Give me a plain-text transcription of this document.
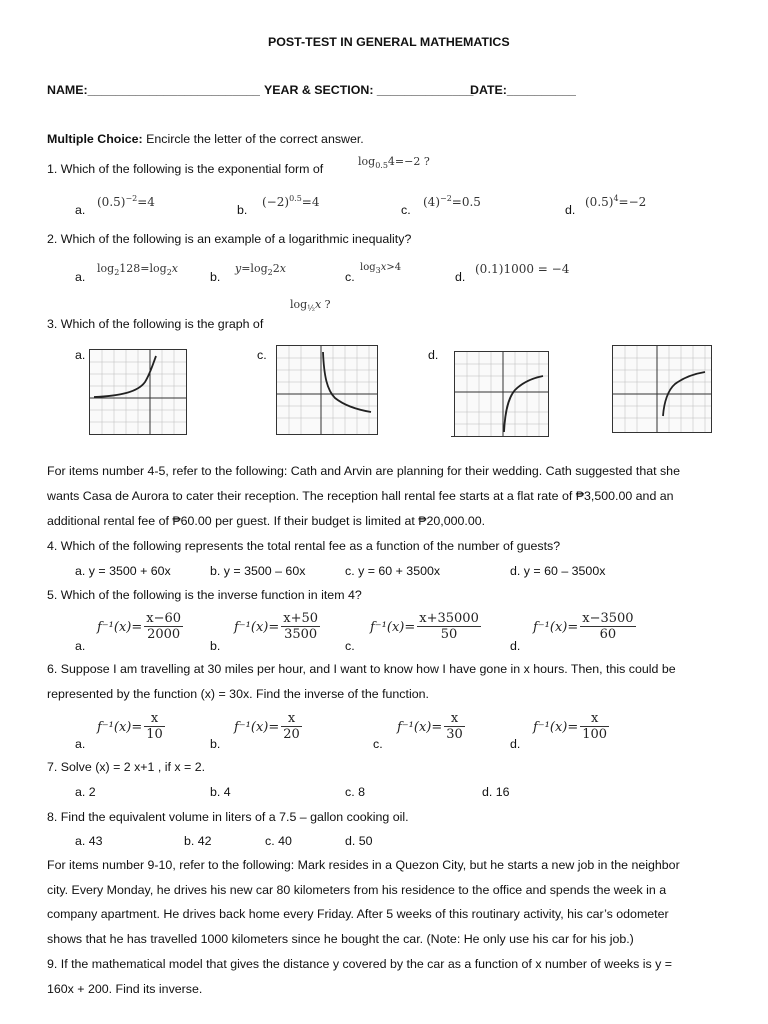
POST-TEST IN GENERAL MATHEMATICS
NAME:_________________________ YEAR & SECTION: ______________
DATE:__________
Multiple Choice: Encircle the letter of the correct answer.
1. Which of the following is the exponential form of
$\log_{0.5}4=-2$ ?
a.
$(0.5)^{-2}=4$
b.
$(-2)^{0.5}=4$
c.
$(4)^{-2}=0.5$
d.
$(0.5)^4=-2$
2. Which of the following is an example of a logarithmic inequality?
a.
$\log_2128=\log_2x$
b.
$y=\log_22x$
c.
$\log_3x>4$
d.
(0.1)1000 = −4
$\log_{\frac{1}{2}}x$ ?
3. Which of the following is the graph of
a.	c.	d.
For items number 4-5, refer to the following: Cath and Arvin are planning for their wedding. Cath suggested that she
wants Casa de Aurora to cater their reception. The reception hall rental fee starts at a flat rate of ₱3,500.00 and an
additional rental fee of ₱60.00 per guest. If their budget is limited at ₱20,000.00.
4. Which of the following represents the total rental fee as a function of the number of guests?
a. y = 3500 + 60x	b. y = 3500 – 60x	c. y = 60 + 3500x	d. y = 60 – 3500x
5. Which of the following is the inverse function in item 4?
a.
$f^{-1}(x)= \frac{x-60}{2000}$
b.
$f^{-1}(x)= \frac{x+50}{3500}$
c.
$f^{-1}(x)= \frac{x+35000}{50}$
d.
$f^{-1}(x)= \frac{x-3500}{60}$
6. Suppose I am travelling at 30 miles per hour, and I want to know how I have gone in x hours. Then, this could be
represented by the function (x) = 30x. Find the inverse of the function.
a.
$f^{-1}(x)= \frac{x}{10}$
b.
$f^{-1}(x)= \frac{x}{20}$
c.
$f^{-1}(x)= \frac{x}{30}$
d.
$f^{-1}(x)= \frac{x}{100}$
7. Solve (x) = 2 x+1 , if x = 2.
a. 2	b. 4	c. 8	d. 16
8. Find the equivalent volume in liters of a 7.5 – gallon cooking oil.
a. 43	b. 42	c. 40	d. 50
For items number 9-10, refer to the following: Mark resides in a Quezon City, but he starts a new job in the neighbor
city. Every Monday, he drives his new car 80 kilometers from his residence to the office and spends the week in a
company apartment. He drives back home every Friday. After 5 weeks of this routinary activity, his car’s odometer
shows that he has travelled 1000 kilometers since he bought the car. (Note: He only use his car for his job.)
9. If the mathematical model that gives the distance y covered by the car as a function of x number of weeks is y =
160x + 200. Find its inverse.
